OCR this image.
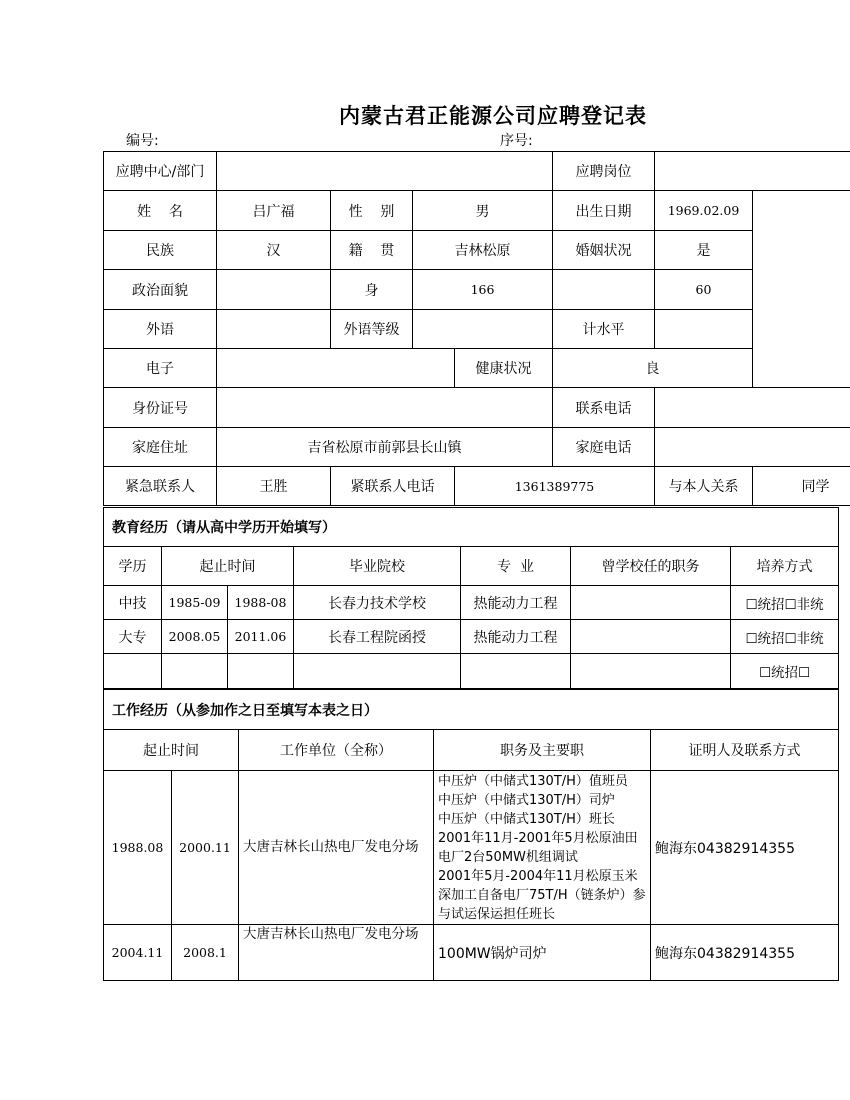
内蒙古君正能源公司应聘登记表
编号:	序号:
应聘中心/部门					应聘岗位			
姓    名	吕广福	性    别	男		出生日期	1969.02.09		
民族	汉	籍    贯	吉林松原		婚姻状况	是		
政治面貌		身	166			60		
外语		外语等级			计水平			
电子				健康状况	良			
身份证号					联系电话			
家庭住址	吉省松原市前郭县长山镇				家庭电话			
紧急联系人	王胜	紧联系人电话		1361389775		与本人关系	同学	
教育经历（请从高中学历开始填写）						
学历	起止时间		毕业院校	专  业	曾学校任的职务	培养方式
中技	1985-09	1988-08	长春力技术学校	热能动力工程		☐统招☐非统
大专	2008.05	2011.06	长春工程院函授	热能动力工程		☐统招☐非统
						☐统招☐
工作经历（从参加作之日至填写本表之日）				
起止时间		工作单位（全称）	职务及主要职	证明人及联系方式
1988.08	2000.11	大唐吉林长山热电厂发电分场	中压炉（中储式130T/H）值班员
中压炉（中储式130T/H）司炉
中压炉（中储式130T/H）班长
2001年11月-2001年5月松原油田电厂2台50MW机组调试
2001年5月-2004年11月松原玉米深加工自备电厂75T/H（链条炉）参与试运保运担任班长	鲍海东04382914355
2004.11	2008.1	大唐吉林长山热电厂发电分场	100MW锅炉司炉	鲍海东04382914355
